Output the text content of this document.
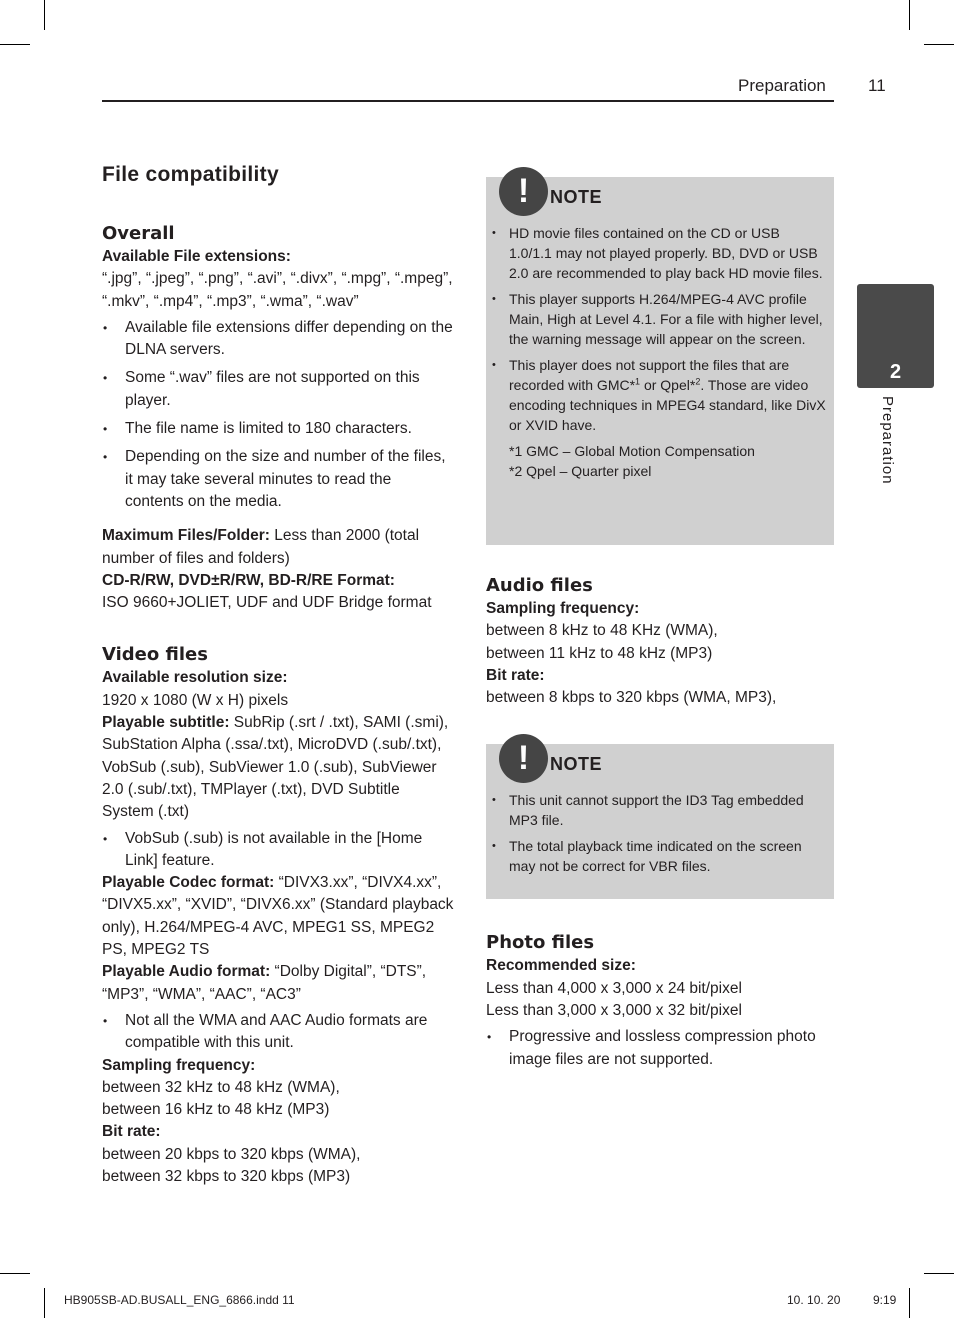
Preparation 11
2
Preparation
File compatibility
Overall

Available File extensions:

“.jpg”, “.jpeg”, “.png”, “.avi”, “.divx”, “.mpg”, “.mpeg”, “.mkv”, “.mp4”, “.mp3”, “.wma”, “.wav”

• Available file extensions differ depending on the DLNA servers.
• Some “.wav” files are not supported on this player.
• The file name is limited to 180 characters.
• Depending on the size and number of the files, it may take several minutes to read the contents on the media.

Maximum Files/Folder: Less than 2000 (total number of files and folders)

CD-R/RW, DVD±R/RW, BD-R/RE Format:

ISO 9660+JOLIET, UDF and UDF Bridge format

Video files

Available resolution size:

1920 x 1080 (W x H) pixels

Playable subtitle: SubRip (.srt / .txt), SAMI (.smi), SubStation Alpha (.ssa/.txt), MicroDVD (.sub/.txt), VobSub (.sub), SubViewer 1.0 (.sub), SubViewer 2.0 (.sub/.txt), TMPlayer (.txt), DVD Subtitle System (.txt)

• VobSub (.sub) is not available in the [Home Link] feature.

Playable Codec format: “DIVX3.xx”, “DIVX4.xx”, “DIVX5.xx”, “XVID”, “DIVX6.xx” (Standard playback only), H.264/MPEG-4 AVC, MPEG1 SS, MPEG2 PS, MPEG2 TS

Playable Audio format: “Dolby Digital”, “DTS”, “MP3”, “WMA”, “AAC”, “AC3”

• Not all the WMA and AAC Audio formats are compatible with this unit.

Sampling frequency:

between 32 kHz to 48 kHz (WMA),

between 16 kHz to 48 kHz (MP3)

Bit rate:

between 20 kbps to 320 kbps (WMA),

between 32 kbps to 320 kbps (MP3)

!	NOTE
• HD movie files contained on the CD or USB 1.0/1.1 may not played properly. BD, DVD or USB 2.0 are recommended to play back HD movie files.
• This player supports H.264/MPEG-4 AVC profile Main, High at Level 4.1. For a file with higher level, the warning message will appear on the screen.
• This player does not support the files that are recorded with GMC*$^1$ or Qpel*$^2$. Those are video encoding techniques in MPEG4 standard, like DivX or XVID have.
*1 GMC – Global Motion Compensation
*2 Qpel – Quarter pixel
Audio files

Sampling frequency:

between 8 kHz to 48 KHz (WMA),

between 11 kHz to 48 kHz (MP3)

Bit rate:

between 8 kbps to 320 kbps (WMA, MP3),

!	NOTE
• This unit cannot support the ID3 Tag embedded MP3 file.
• The total playback time indicated on the screen may not be correct for VBR files.
Photo files

Recommended size:

Less than 4,000 x 3,000 x 24 bit/pixel

Less than 3,000 x 3,000 x 32 bit/pixel

• Progressive and lossless compression photo image files are not supported.
HB905SB-AD.BUSALL_ENG_6866.indd 11	10. 10. 20	9:19
